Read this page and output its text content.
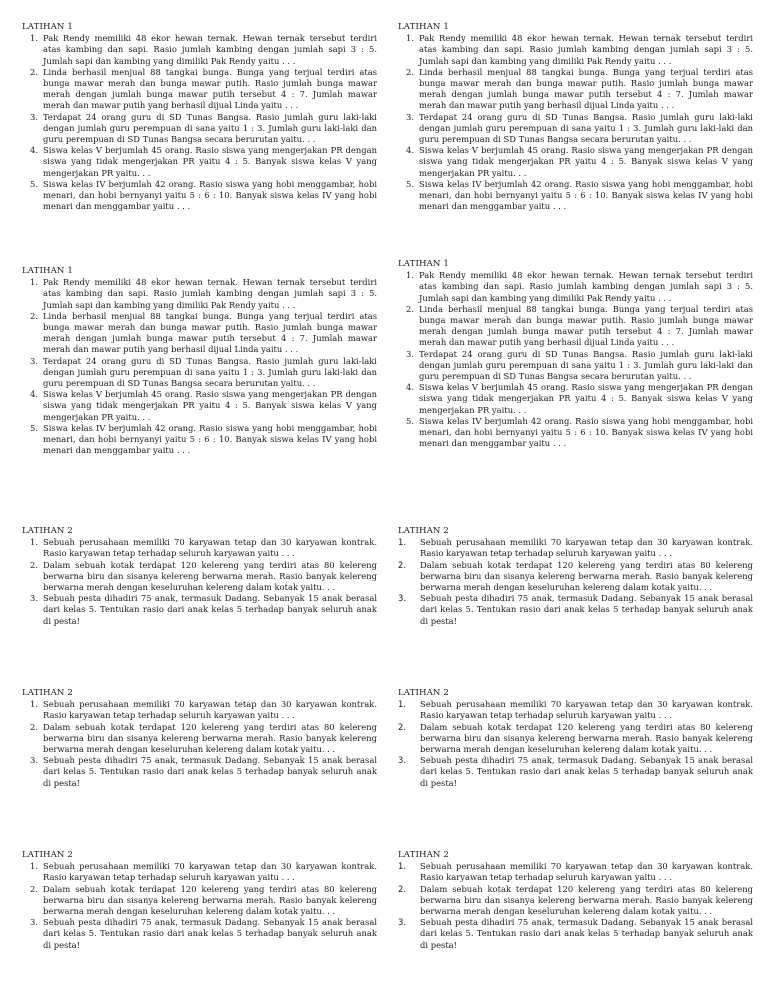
LATIHAN 1
1. Pak Rendy memiliki 48 ekor hewan ternak. Hewan ternak tersebut terdiri atas kambing dan sapi. Rasio jumlah kambing dengan jumlah sapi 3 : 5. Jumlah sapi dan kambing yang dimiliki Pak Rendy yaitu . . .
2. Linda berhasil menjual 88 tangkai bunga. Bunga yang terjual terdiri atas bunga mawar merah dan bunga mawar putih. Rasio jumlah bunga mawar merah dengan jumlah bunga mawar putih tersebut 4 : 7. Jumlah mawar merah dan mawar putih yang berhasil dijual Linda yaitu . . .
3. Terdapat 24 orang guru di SD Tunas Bangsa. Rasio jumlah guru laki-laki dengan jumlah guru perempuan di sana yaitu 1 : 3. Jumlah guru laki-laki dan guru perempuan di SD Tunas Bangsa secara berurutan yaitu. . .
4. Siswa kelas V berjumlah 45 orang. Rasio siswa yang mengerjakan PR dengan siswa yang tidak mengerjakan PR yaitu 4 : 5. Banyak siswa kelas V yang mengerjakan PR yaitu. . .
5. Siswa kelas IV berjumlah 42 orang. Rasio siswa yang hobi menggambar, hobi menari, dan hobi bernyanyi yaitu 5 : 6 : 10. Banyak siswa kelas IV yang hobi menari dan menggambar yaitu . . .
LATIHAN 1
1. Pak Rendy memiliki 48 ekor hewan ternak. Hewan ternak tersebut terdiri atas kambing dan sapi. Rasio jumlah kambing dengan jumlah sapi 3 : 5. Jumlah sapi dan kambing yang dimiliki Pak Rendy yaitu . . .
2. Linda berhasil menjual 88 tangkai bunga. Bunga yang terjual terdiri atas bunga mawar merah dan bunga mawar putih. Rasio jumlah bunga mawar merah dengan jumlah bunga mawar putih tersebut 4 : 7. Jumlah mawar merah dan mawar putih yang berhasil dijual Linda yaitu . . .
3. Terdapat 24 orang guru di SD Tunas Bangsa. Rasio jumlah guru laki-laki dengan jumlah guru perempuan di sana yaitu 1 : 3. Jumlah guru laki-laki dan guru perempuan di SD Tunas Bangsa secara berurutan yaitu. . .
4. Siswa kelas V berjumlah 45 orang. Rasio siswa yang mengerjakan PR dengan siswa yang tidak mengerjakan PR yaitu 4 : 5. Banyak siswa kelas V yang mengerjakan PR yaitu. . .
5. Siswa kelas IV berjumlah 42 orang. Rasio siswa yang hobi menggambar, hobi menari, dan hobi bernyanyi yaitu 5 : 6 : 10. Banyak siswa kelas IV yang hobi menari dan menggambar yaitu . . .
LATIHAN 1
1. Pak Rendy memiliki 48 ekor hewan ternak. Hewan ternak tersebut terdiri atas kambing dan sapi. Rasio jumlah kambing dengan jumlah sapi 3 : 5. Jumlah sapi dan kambing yang dimiliki Pak Rendy yaitu . . .
2. Linda berhasil menjual 88 tangkai bunga. Bunga yang terjual terdiri atas bunga mawar merah dan bunga mawar putih. Rasio jumlah bunga mawar merah dengan jumlah bunga mawar putih tersebut 4 : 7. Jumlah mawar merah dan mawar putih yang berhasil dijual Linda yaitu . . .
3. Terdapat 24 orang guru di SD Tunas Bangsa. Rasio jumlah guru laki-laki dengan jumlah guru perempuan di sana yaitu 1 : 3. Jumlah guru laki-laki dan guru perempuan di SD Tunas Bangsa secara berurutan yaitu. . .
4. Siswa kelas V berjumlah 45 orang. Rasio siswa yang mengerjakan PR dengan siswa yang tidak mengerjakan PR yaitu 4 : 5. Banyak siswa kelas V yang mengerjakan PR yaitu. . .
5. Siswa kelas IV berjumlah 42 orang. Rasio siswa yang hobi menggambar, hobi menari, dan hobi bernyanyi yaitu 5 : 6 : 10. Banyak siswa kelas IV yang hobi menari dan menggambar yaitu . . .
LATIHAN 1
1. Pak Rendy memiliki 48 ekor hewan ternak. Hewan ternak tersebut terdiri atas kambing dan sapi. Rasio jumlah kambing dengan jumlah sapi 3 : 5. Jumlah sapi dan kambing yang dimiliki Pak Rendy yaitu . . .
2. Linda berhasil menjual 88 tangkai bunga. Bunga yang terjual terdiri atas bunga mawar merah dan bunga mawar putih. Rasio jumlah bunga mawar merah dengan jumlah bunga mawar putih tersebut 4 : 7. Jumlah mawar merah dan mawar putih yang berhasil dijual Linda yaitu . . .
3. Terdapat 24 orang guru di SD Tunas Bangsa. Rasio jumlah guru laki-laki dengan jumlah guru perempuan di sana yaitu 1 : 3. Jumlah guru laki-laki dan guru perempuan di SD Tunas Bangsa secara berurutan yaitu. . .
4. Siswa kelas V berjumlah 45 orang. Rasio siswa yang mengerjakan PR dengan siswa yang tidak mengerjakan PR yaitu 4 : 5. Banyak siswa kelas V yang mengerjakan PR yaitu. . .
5. Siswa kelas IV berjumlah 42 orang. Rasio siswa yang hobi menggambar, hobi menari, dan hobi bernyanyi yaitu 5 : 6 : 10. Banyak siswa kelas IV yang hobi menari dan menggambar yaitu . . .
LATIHAN 2
1. Sebuah perusahaan memiliki 70 karyawan tetap dan 30 karyawan kontrak. Rasio karyawan tetap terhadap seluruh karyawan yaitu . . .
2. Dalam sebuah kotak terdapat 120 kelereng yang terdiri atas 80 kelereng berwarna biru dan sisanya kelereng berwarna merah. Rasio banyak kelereng berwarna merah dengan keseluruhan kelereng dalam kotak yaitu. . .
3. Sebuah pesta dihadiri 75 anak, termasuk Dadang. Sebanyak 15 anak berasal dari kelas 5. Tentukan rasio dari anak kelas 5 terhadap banyak seluruh anak di pesta!
LATIHAN 2
1.	Sebuah perusahaan memiliki 70 karyawan tetap dan 30 karyawan kontrak. Rasio karyawan tetap terhadap seluruh karyawan yaitu . . .
2.	Dalam sebuah kotak terdapat 120 kelereng yang terdiri atas 80 kelereng berwarna biru dan sisanya kelereng berwarna merah. Rasio banyak kelereng berwarna merah dengan keseluruhan kelereng dalam kotak yaitu. . .
3.	Sebuah pesta dihadiri 75 anak, termasuk Dadang. Sebanyak 15 anak berasal dari kelas 5. Tentukan rasio dari anak kelas 5 terhadap banyak seluruh anak di pesta!
LATIHAN 2
1. Sebuah perusahaan memiliki 70 karyawan tetap dan 30 karyawan kontrak. Rasio karyawan tetap terhadap seluruh karyawan yaitu . . .
2. Dalam sebuah kotak terdapat 120 kelereng yang terdiri atas 80 kelereng berwarna biru dan sisanya kelereng berwarna merah. Rasio banyak kelereng berwarna merah dengan keseluruhan kelereng dalam kotak yaitu. . .
3. Sebuah pesta dihadiri 75 anak, termasuk Dadang. Sebanyak 15 anak berasal dari kelas 5. Tentukan rasio dari anak kelas 5 terhadap banyak seluruh anak di pesta!
LATIHAN 2
1.	Sebuah perusahaan memiliki 70 karyawan tetap dan 30 karyawan kontrak. Rasio karyawan tetap terhadap seluruh karyawan yaitu . . .
2.	Dalam sebuah kotak terdapat 120 kelereng yang terdiri atas 80 kelereng berwarna biru dan sisanya kelereng berwarna merah. Rasio banyak kelereng berwarna merah dengan keseluruhan kelereng dalam kotak yaitu. . .
3.	Sebuah pesta dihadiri 75 anak, termasuk Dadang. Sebanyak 15 anak berasal dari kelas 5. Tentukan rasio dari anak kelas 5 terhadap banyak seluruh anak di pesta!
LATIHAN 2
1. Sebuah perusahaan memiliki 70 karyawan tetap dan 30 karyawan kontrak. Rasio karyawan tetap terhadap seluruh karyawan yaitu . . .
2. Dalam sebuah kotak terdapat 120 kelereng yang terdiri atas 80 kelereng berwarna biru dan sisanya kelereng berwarna merah. Rasio banyak kelereng berwarna merah dengan keseluruhan kelereng dalam kotak yaitu. . .
3. Sebuah pesta dihadiri 75 anak, termasuk Dadang. Sebanyak 15 anak berasal dari kelas 5. Tentukan rasio dari anak kelas 5 terhadap banyak seluruh anak di pesta!
LATIHAN 2
1.	Sebuah perusahaan memiliki 70 karyawan tetap dan 30 karyawan kontrak. Rasio karyawan tetap terhadap seluruh karyawan yaitu . . .
2.	Dalam sebuah kotak terdapat 120 kelereng yang terdiri atas 80 kelereng berwarna biru dan sisanya kelereng berwarna merah. Rasio banyak kelereng berwarna merah dengan keseluruhan kelereng dalam kotak yaitu. . .
3.	Sebuah pesta dihadiri 75 anak, termasuk Dadang. Sebanyak 15 anak berasal dari kelas 5. Tentukan rasio dari anak kelas 5 terhadap banyak seluruh anak di pesta!
